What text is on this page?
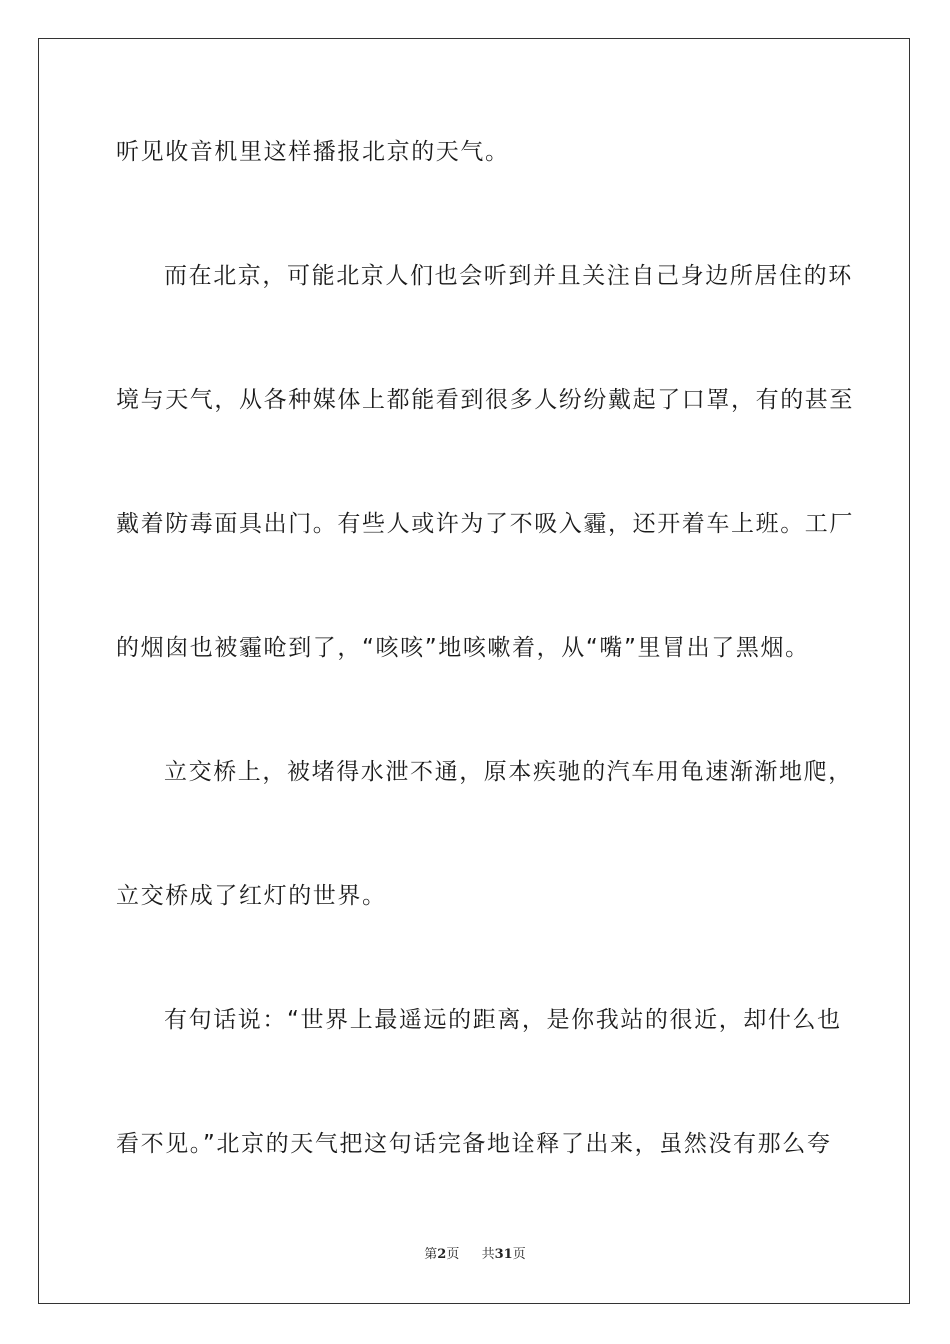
听见收音机里这样播报北京的天气。
而在北京，可能北京人们也会听到并且关注自己身边所居住的环
境与天气，从各种媒体上都能看到很多人纷纷戴起了口罩，有的甚至
戴着防毒面具出门。有些人或许为了不吸入霾，还开着车上班。工厂
的烟囱也被霾呛到了，“咳咳”地咳嗽着，从“嘴”里冒出了黑烟。
立交桥上，被堵得水泄不通，原本疾驰的汽车用龟速渐渐地爬，
立交桥成了红灯的世界。
有句话说：“世界上最遥远的距离，是你我站的很近，却什么也
看不见。”北京的天气把这句话完备地诠释了出来，虽然没有那么夸
第2页 共31页
